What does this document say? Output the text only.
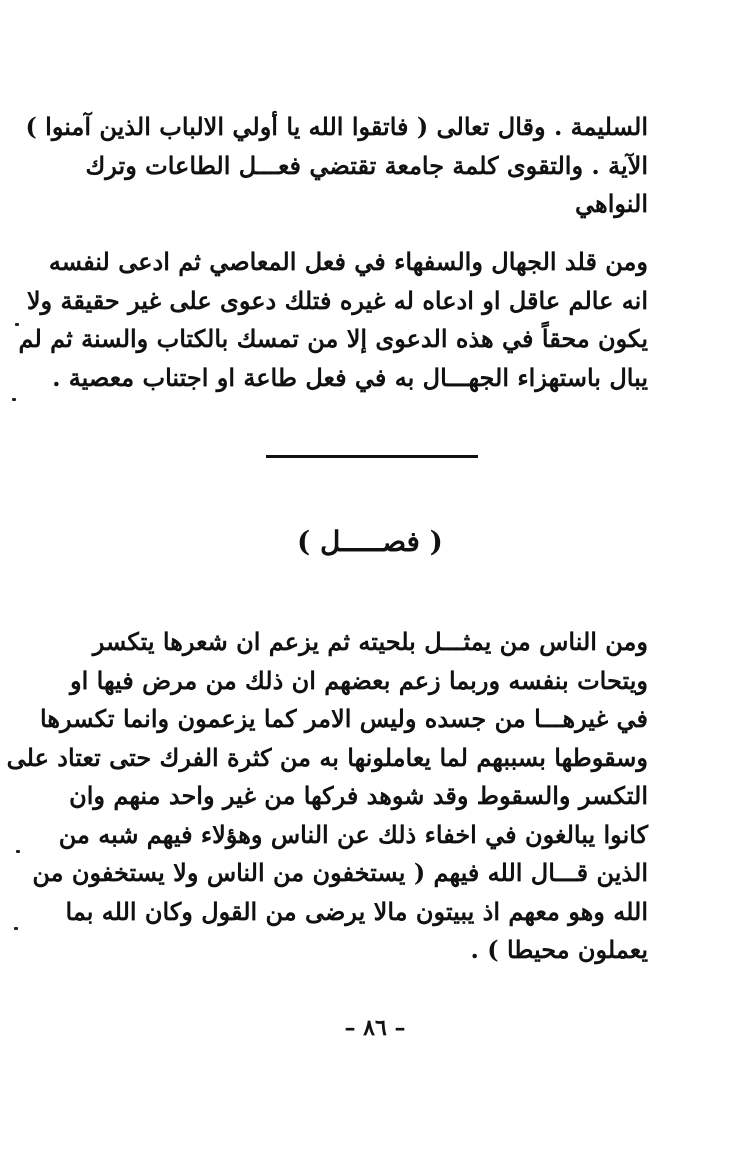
السليمة . وقال تعالى ( فاتقوا الله يا أولي الالباب الذين آمنوا )
الآية . والتقوى كلمة جامعة تقتضي فعـــل الطاعات وترك
النواهي
ومن قلد الجهال والسفهاء في فعل المعاصي ثم ادعى لنفسه
انه عالم عاقل او ادعاه له غيره فتلك دعوى على غير حقيقة ولا
يكون محقاً في هذه الدعوى إلا من تمسك بالكتاب والسنة ثم لم
يبال باستهزاء الجهـــال به في فعل طاعة او اجتناب معصية .
( فصـــــل )
ومن الناس من يمثـــل بلحيته ثم يزعم ان شعرها يتكسر
ويتحات بنفسه وربما زعم بعضهم ان ذلك من مرض فيها او
في غيرهـــا من جسده وليس الامر كما يزعمون وانما تكسرها
وسقوطها بسببهم لما يعاملونها به من كثرة الفرك حتى تعتاد على
التكسر والسقوط وقد شوهد فركها من غير واحد منهم وان
كانوا يبالغون في اخفاء ذلك عن الناس وهؤلاء فيهم شبه من
الذين قـــال الله فيهم ( يستخفون من الناس ولا يستخفون من
الله وهو معهم اذ يبيتون مالا يرضى من القول وكان الله بما
يعملون محيطا ) .
– ٨٦ –
